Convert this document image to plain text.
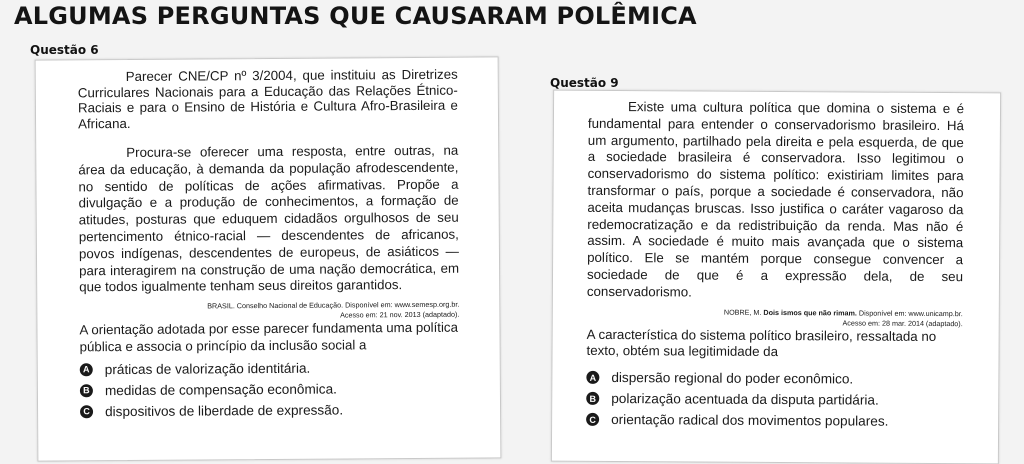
ALGUMAS PERGUNTAS QUE CAUSARAM POLÊMICA
Questão 6

Parecer CNE/CP nº 3/2004, que instituiu as Diretrizes Curriculares Nacionais para a Educação das Relações Étnico-Raciais e para o Ensino de História e Cultura Afro-Brasileira e Africana.

Procura-se oferecer uma resposta, entre outras, na área da educação, à demanda da população afrodescendente, no sentido de políticas de ações afirmativas. Propõe a divulgação e a produção de conhecimentos, a formação de atitudes, posturas que eduquem cidadãos orgulhosos de seu pertencimento étnico-racial — descendentes de africanos, povos indígenas, descendentes de europeus, de asiáticos — para interagirem na construção de uma nação democrática, em que todos igualmente tenham seus direitos garantidos.

BRASIL. Conselho Nacional de Educação. Disponível em: www.semesp.org.br.
Acesso em: 21 nov. 2013 (adaptado).

A orientação adotada por esse parecer fundamenta uma política pública e associa o princípio da inclusão social a

A práticas de valorização identitária.
B medidas de compensação econômica.
C dispositivos de liberdade de expressão.
Questão 9

Existe uma cultura política que domina o sistema e é fundamental para entender o conservadorismo brasileiro. Há um argumento, partilhado pela direita e pela esquerda, de que a sociedade brasileira é conservadora. Isso legitimou o conservadorismo do sistema político: existiriam limites para transformar o país, porque a sociedade é conservadora, não aceita mudanças bruscas. Isso justifica o caráter vagaroso da redemocratização e da redistribuição da renda. Mas não é assim. A sociedade é muito mais avançada que o sistema político. Ele se mantém porque consegue convencer a sociedade de que é a expressão dela, de seu conservadorismo.

NOBRE, M. Dois ismos que não rimam. Disponível em: www.unicamp.br.
Acesso em: 28 mar. 2014 (adaptado).

A característica do sistema político brasileiro, ressaltada no texto, obtém sua legitimidade da

A dispersão regional do poder econômico.
B polarização acentuada da disputa partidária.
C orientação radical dos movimentos populares.
